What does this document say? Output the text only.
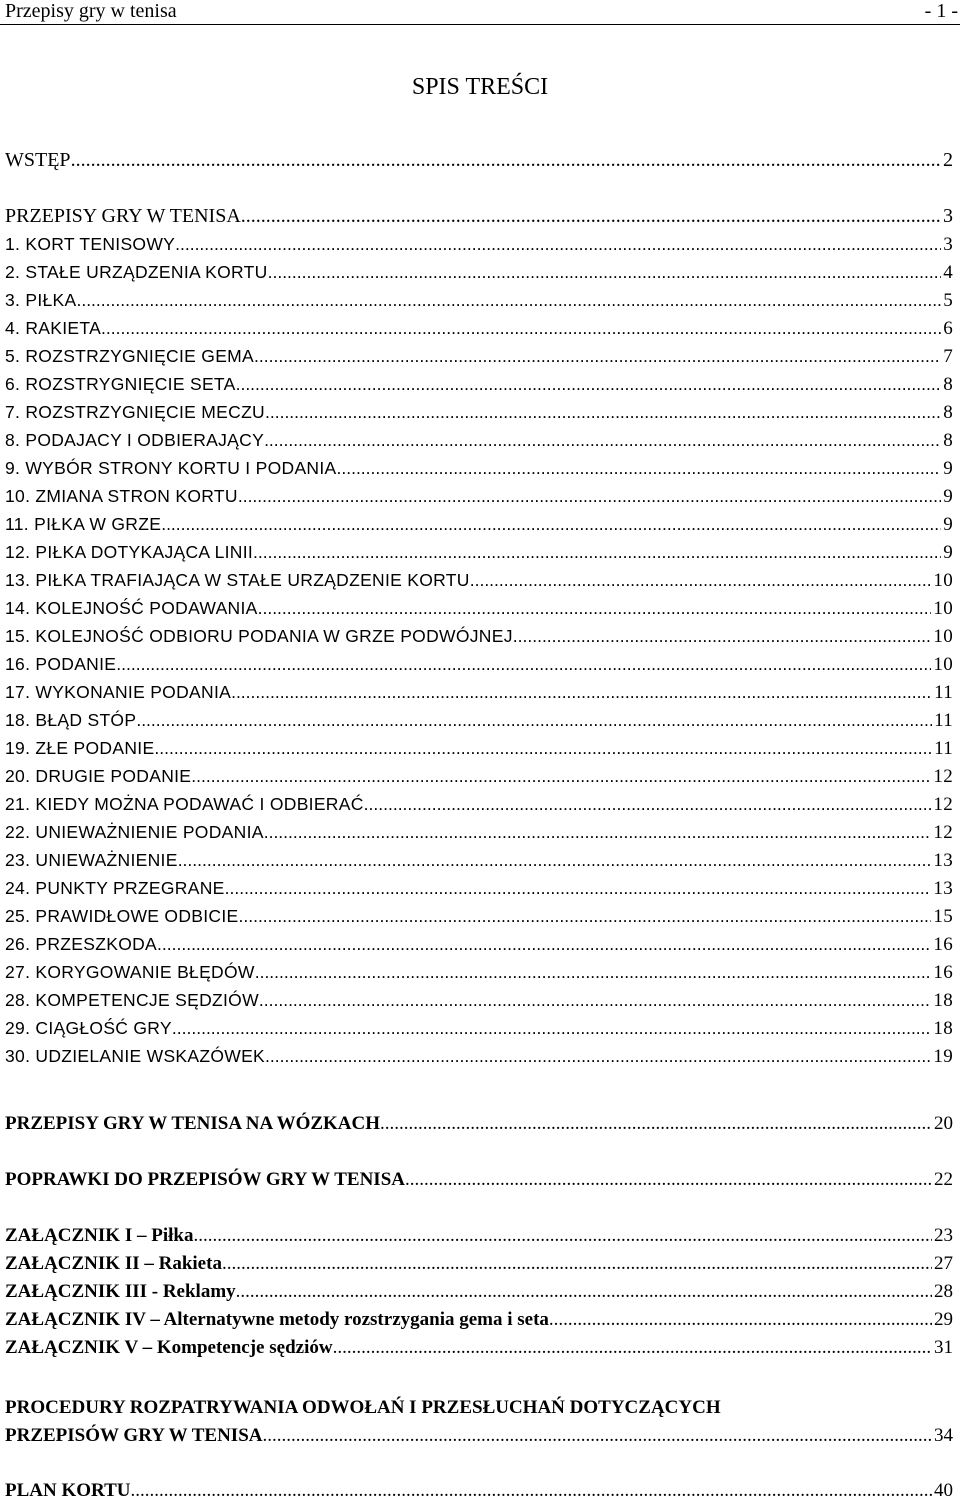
Przepisy gry w tenisa	- 1 -
SPIS TREŚCI
WSTĘP .....	2
PRZEPISY GRY W TENISA .....	3
1. KORT TENISOWY .....	3
2. STAŁE URZĄDZENIA KORTU .....	4
3. PIŁKA .....	5
4. RAKIETA .....	6
5. ROZSTRZYGNIĘCIE GEMA .....	7
6. ROZSTRYGNIĘCIE SETA .....	8
7. ROZSTRZYGNIĘCIE MECZU .....	8
8. PODAJACY I ODBIERAJĄCY .....	8
9. WYBÓR STRONY KORTU I PODANIA .....	9
10. ZMIANA STRON KORTU .....	9
11. PIŁKA W GRZE .....	9
12. PIŁKA DOTYKAJĄCA LINII .....	9
13. PIŁKA TRAFIAJĄCA W STAŁE URZĄDZENIE KORTU .....	10
14. KOLEJNOŚĆ PODAWANIA .....	10
15. KOLEJNOŚĆ ODBIORU PODANIA W GRZE PODWÓJNEJ .....	10
16. PODANIE .....	10
17. WYKONANIE PODANIA .....	11
18. BŁĄD STÓP .....	11
19. ZŁE PODANIE .....	11
20. DRUGIE PODANIE .....	12
21. KIEDY MOŻNA PODAWAĆ I ODBIERAĆ .....	12
22. UNIEWAŻNIENIE PODANIA .....	12
23. UNIEWAŻNIENIE .....	13
24. PUNKTY PRZEGRANE .....	13
25. PRAWIDŁOWE ODBICIE .....	15
26. PRZESZKODA .....	16
27. KORYGOWANIE BŁĘDÓW .....	16
28. KOMPETENCJE SĘDZIÓW .....	18
29. CIĄGŁOŚĆ GRY .....	18
30. UDZIELANIE WSKAZÓWEK .....	19
PRZEPISY GRY W TENISA NA WÓZKACH .....	20
POPRAWKI DO PRZEPISÓW GRY W TENISA .....	22
ZAŁĄCZNIK I – Piłka .....	23
ZAŁĄCZNIK II – Rakieta .....	27
ZAŁĄCZNIK III - Reklamy .....	28
ZAŁĄCZNIK IV – Alternatywne metody rozstrzygania gema i seta .....	29
ZAŁĄCZNIK V – Kompetencje sędziów .....	31
PROCEDURY ROZPATRYWANIA ODWOŁAŃ I PRZESŁUCHAŃ DOTYCZĄCYCH
PRZEPISÓW GRY W TENISA .....	34
PLAN KORTU .....	40
